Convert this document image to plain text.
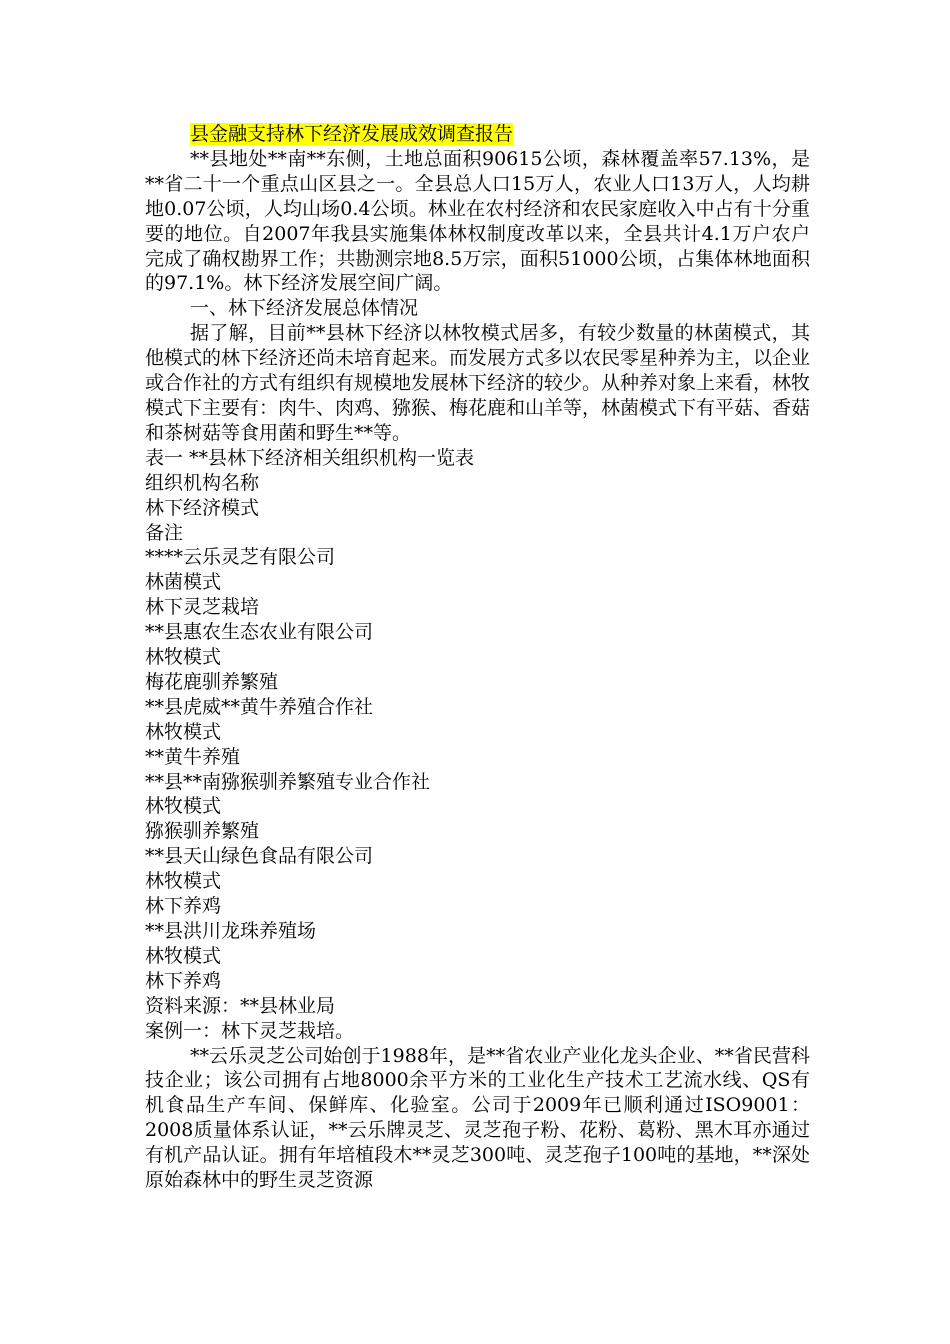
县金融支持林下经济发展成效调查报告

**县地处**南**东侧，土地总面积90615公顷，森林覆盖率57.13%，是**省二十一个重点山区县之一。全县总人口15万人，农业人口13万人，人均耕地0.07公顷，人均山场0.4公顷。林业在农村经济和农民家庭收入中占有十分重要的地位。自2007年我县实施集体林权制度改革以来，全县共计4.1万户农户完成了确权勘界工作；共勘测宗地8.5万宗，面积51000公顷，占集体林地面积的97.1%。林下经济发展空间广阔。

一、林下经济发展总体情况

据了解，目前**县林下经济以林牧模式居多，有较少数量的林菌模式，其他模式的林下经济还尚未培育起来。而发展方式多以农民零星种养为主，以企业或合作社的方式有组织有规模地发展林下经济的较少。从种养对象上来看，林牧模式下主要有：肉牛、肉鸡、猕猴、梅花鹿和山羊等，林菌模式下有平菇、香菇和茶树菇等食用菌和野生**等。

表一 **县林下经济相关组织机构一览表

组织机构名称

林下经济模式

备注

****云乐灵芝有限公司

林菌模式

林下灵芝栽培

**县惠农生态农业有限公司

林牧模式

梅花鹿驯养繁殖

**县虎威**黄牛养殖合作社

林牧模式

**黄牛养殖

**县**南猕猴驯养繁殖专业合作社

林牧模式

猕猴驯养繁殖

**县天山绿色食品有限公司

林牧模式

林下养鸡

**县洪川龙珠养殖场

林牧模式

林下养鸡

资料来源：**县林业局

案例一：林下灵芝栽培。

**云乐灵芝公司始创于1988年，是**省农业产业化龙头企业、**省民营科技企业；该公司拥有占地8000余平方米的工业化生产技术工艺流水线、QS有机食品生产车间、保鲜库、化验室。公司于2009年已顺利通过ISO9001：2008质量体系认证，**云乐牌灵芝、灵芝孢子粉、花粉、葛粉、黑木耳亦通过有机产品认证。拥有年培植段木**灵芝300吨、灵芝孢子100吨的基地，**深处原始森林中的野生灵芝资源
